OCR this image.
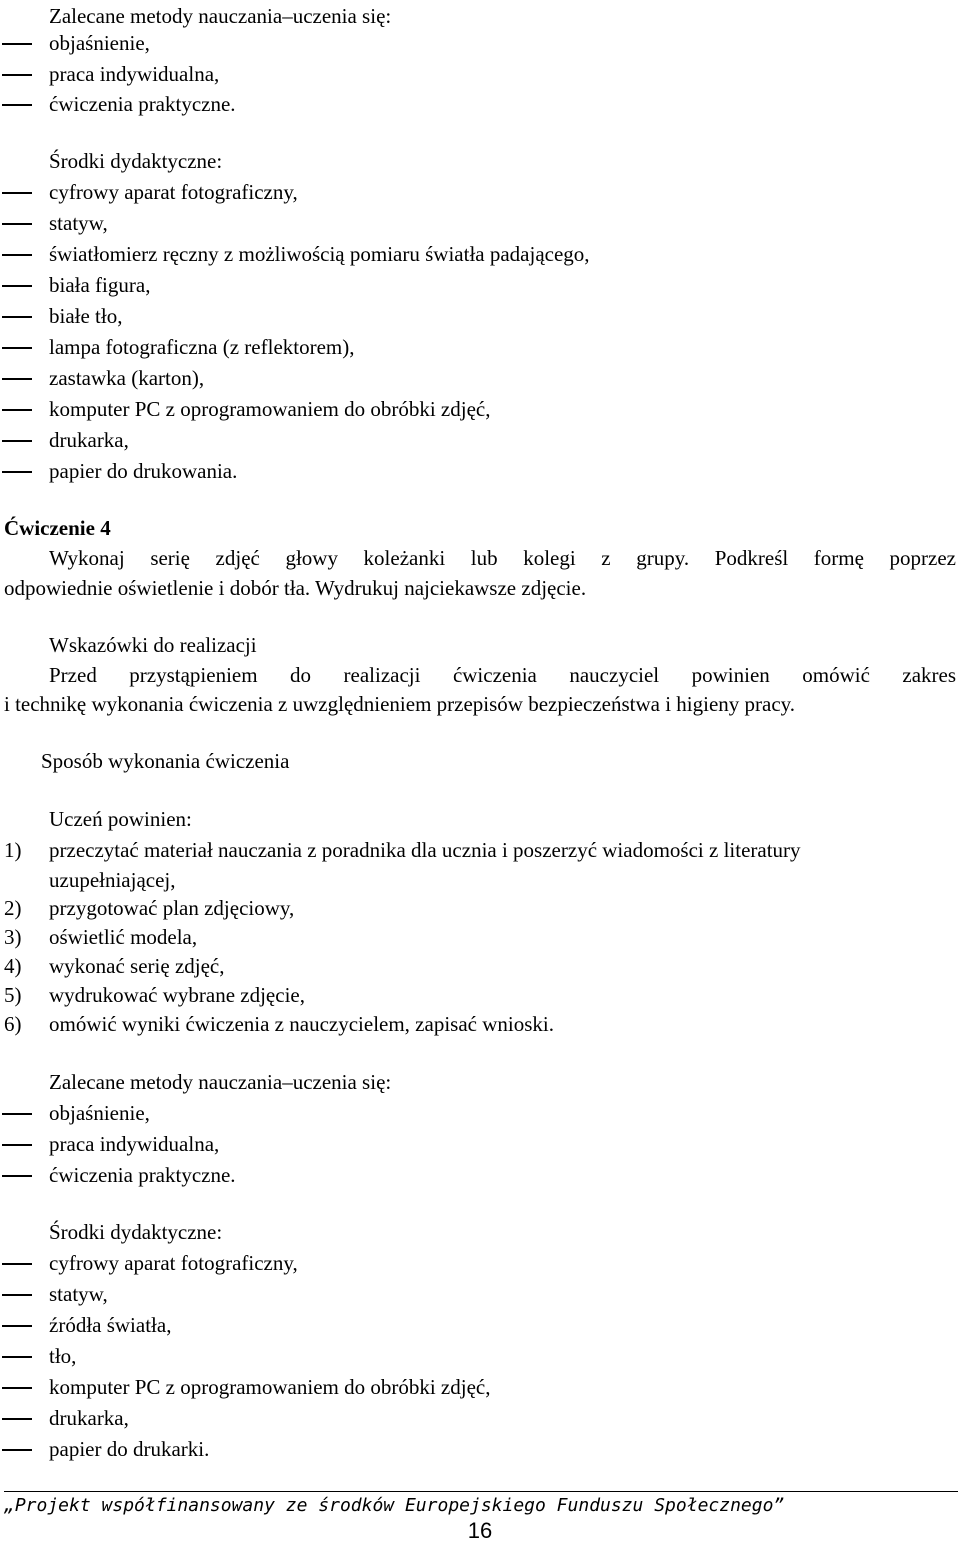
Zalecane metody nauczania–uczenia się:
objaśnienie,
praca indywidualna,
ćwiczenia praktyczne.
Środki dydaktyczne:
cyfrowy aparat fotograficzny,
statyw,
światłomierz ręczny z możliwością pomiaru światła padającego,
biała figura,
białe tło,
lampa fotograficzna (z reflektorem),
zastawka (karton),
komputer PC z oprogramowaniem do obróbki zdjęć,
drukarka,
papier do drukowania.
Ćwiczenie 4
Wykonaj serię zdjęć głowy koleżanki lub kolegi z grupy. Podkreśl formę poprzez
odpowiednie oświetlenie i dobór tła. Wydrukuj najciekawsze zdjęcie.
Wskazówki do realizacji
Przed przystąpieniem do realizacji ćwiczenia nauczyciel powinien omówić zakres
i technikę wykonania ćwiczenia z uwzględnieniem przepisów bezpieczeństwa i higieny pracy.
Sposób wykonania ćwiczenia
Uczeń powinien:
1) przeczytać materiał nauczania z poradnika dla ucznia i poszerzyć wiadomości z literatury
uzupełniającej,
2) przygotować plan zdjęciowy,
3) oświetlić modela,
4) wykonać serię zdjęć,
5) wydrukować wybrane zdjęcie,
6) omówić wyniki ćwiczenia z nauczycielem, zapisać wnioski.
Zalecane metody nauczania–uczenia się:
objaśnienie,
praca indywidualna,
ćwiczenia praktyczne.
Środki dydaktyczne:
cyfrowy aparat fotograficzny,
statyw,
źródła światła,
tło,
komputer PC z oprogramowaniem do obróbki zdjęć,
drukarka,
papier do drukarki.
„Projekt współfinansowany ze środków Europejskiego Funduszu Społecznego”
16
